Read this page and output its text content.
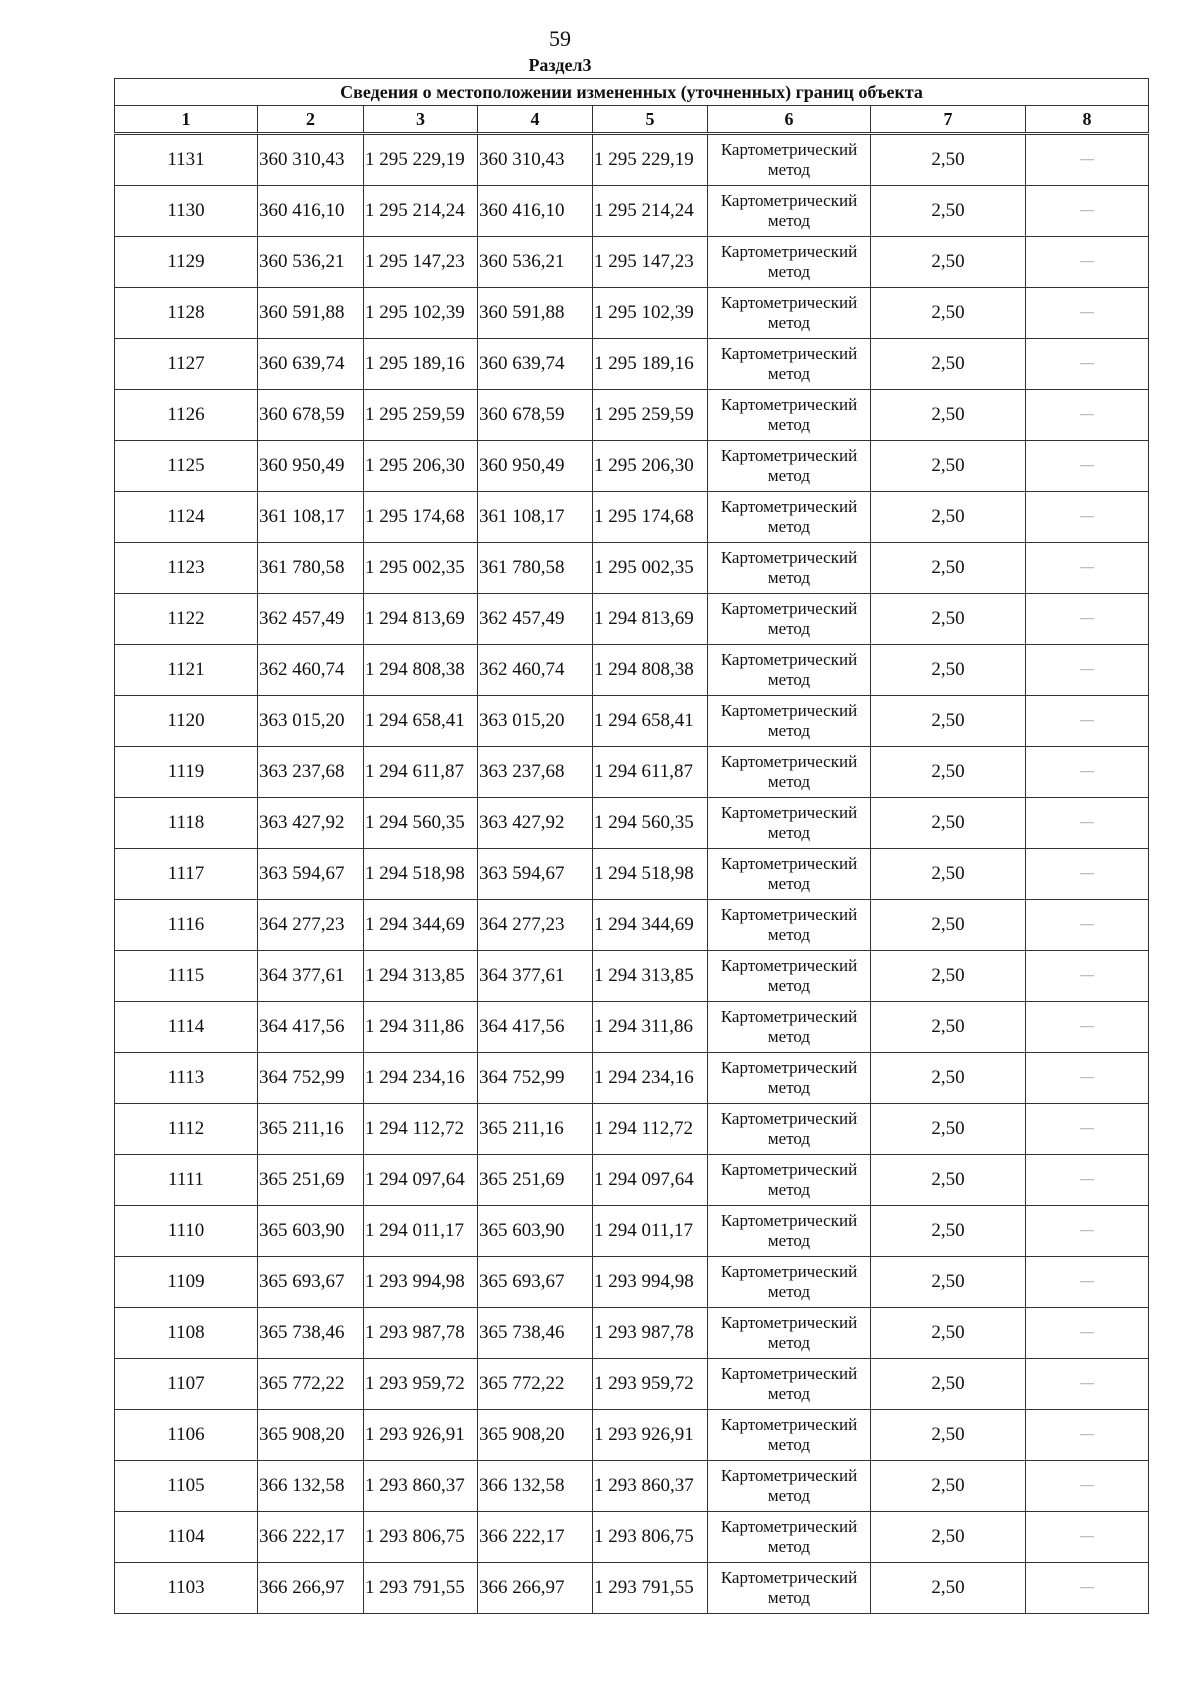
59
Раздел3
Сведения о местоположении измененных (уточненных) границ объекта							
1	2	3	4	5	6	7	8
1131	360 310,43	1 295 229,19	360 310,43	1 295 229,19	Картометрический метод	2,50	—
1130	360 416,10	1 295 214,24	360 416,10	1 295 214,24	Картометрический метод	2,50	—
1129	360 536,21	1 295 147,23	360 536,21	1 295 147,23	Картометрический метод	2,50	—
1128	360 591,88	1 295 102,39	360 591,88	1 295 102,39	Картометрический метод	2,50	—
1127	360 639,74	1 295 189,16	360 639,74	1 295 189,16	Картометрический метод	2,50	—
1126	360 678,59	1 295 259,59	360 678,59	1 295 259,59	Картометрический метод	2,50	—
1125	360 950,49	1 295 206,30	360 950,49	1 295 206,30	Картометрический метод	2,50	—
1124	361 108,17	1 295 174,68	361 108,17	1 295 174,68	Картометрический метод	2,50	—
1123	361 780,58	1 295 002,35	361 780,58	1 295 002,35	Картометрический метод	2,50	—
1122	362 457,49	1 294 813,69	362 457,49	1 294 813,69	Картометрический метод	2,50	—
1121	362 460,74	1 294 808,38	362 460,74	1 294 808,38	Картометрический метод	2,50	—
1120	363 015,20	1 294 658,41	363 015,20	1 294 658,41	Картометрический метод	2,50	—
1119	363 237,68	1 294 611,87	363 237,68	1 294 611,87	Картометрический метод	2,50	—
1118	363 427,92	1 294 560,35	363 427,92	1 294 560,35	Картометрический метод	2,50	—
1117	363 594,67	1 294 518,98	363 594,67	1 294 518,98	Картометрический метод	2,50	—
1116	364 277,23	1 294 344,69	364 277,23	1 294 344,69	Картометрический метод	2,50	—
1115	364 377,61	1 294 313,85	364 377,61	1 294 313,85	Картометрический метод	2,50	—
1114	364 417,56	1 294 311,86	364 417,56	1 294 311,86	Картометрический метод	2,50	—
1113	364 752,99	1 294 234,16	364 752,99	1 294 234,16	Картометрический метод	2,50	—
1112	365 211,16	1 294 112,72	365 211,16	1 294 112,72	Картометрический метод	2,50	—
1111	365 251,69	1 294 097,64	365 251,69	1 294 097,64	Картометрический метод	2,50	—
1110	365 603,90	1 294 011,17	365 603,90	1 294 011,17	Картометрический метод	2,50	—
1109	365 693,67	1 293 994,98	365 693,67	1 293 994,98	Картометрический метод	2,50	—
1108	365 738,46	1 293 987,78	365 738,46	1 293 987,78	Картометрический метод	2,50	—
1107	365 772,22	1 293 959,72	365 772,22	1 293 959,72	Картометрический метод	2,50	—
1106	365 908,20	1 293 926,91	365 908,20	1 293 926,91	Картометрический метод	2,50	—
1105	366 132,58	1 293 860,37	366 132,58	1 293 860,37	Картометрический метод	2,50	—
1104	366 222,17	1 293 806,75	366 222,17	1 293 806,75	Картометрический метод	2,50	—
1103	366 266,97	1 293 791,55	366 266,97	1 293 791,55	Картометрический метод	2,50	—
